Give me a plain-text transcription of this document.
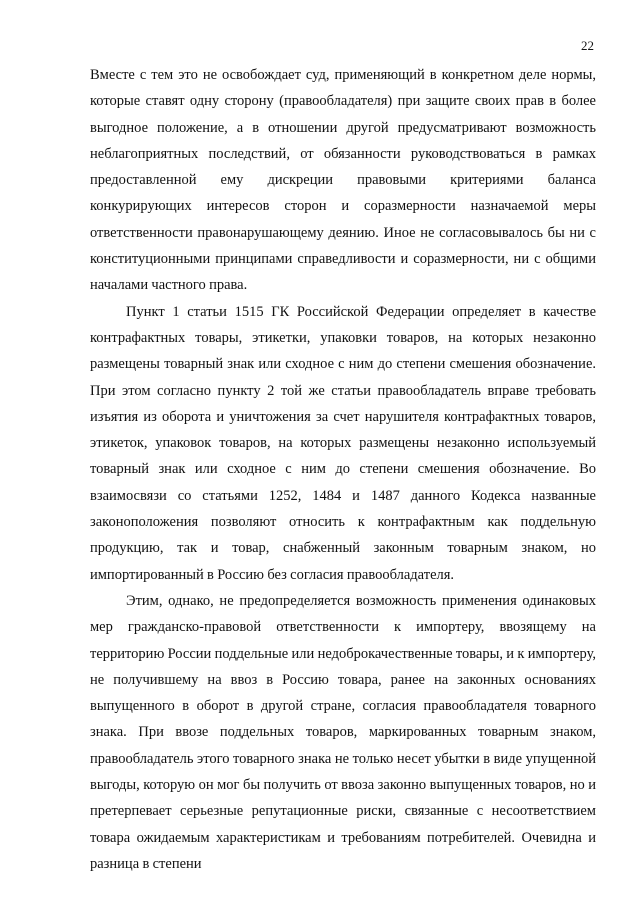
22

Вместе с тем это не освобождает суд, применяющий в конкретном деле нормы, которые ставят одну сторону (правообладателя) при защите своих прав в более выгодное положение, а в отношении другой предусматривают возможность неблагоприятных последствий, от обязанности руководствоваться в рамках предоставленной ему дискреции правовыми критериями баланса конкурирующих интересов сторон и соразмерности назначаемой меры ответственности правонарушающему деянию. Иное не согласовывалось бы ни с конституционными принципами справедливости и соразмерности, ни с общими началами частного права.

Пункт 1 статьи 1515 ГК Российской Федерации определяет в качестве контрафактных товары, этикетки, упаковки товаров, на которых незаконно размещены товарный знак или сходное с ним до степени смешения обозначение. При этом согласно пункту 2 той же статьи правообладатель вправе требовать изъятия из оборота и уничтожения за счет нарушителя контрафактных товаров, этикеток, упаковок товаров, на которых размещены незаконно используемый товарный знак или сходное с ним до степени смешения обозначение. Во взаимосвязи со статьями 1252, 1484 и 1487 данного Кодекса названные законоположения позволяют относить к контрафактным как поддельную продукцию, так и товар, снабженный законным товарным знаком, но импортированный в Россию без согласия правообладателя.

Этим, однако, не предопределяется возможность применения одинаковых мер гражданско-правовой ответственности к импортеру, ввозящему на территорию России поддельные или недоброкачественные товары, и к импортеру, не получившему на ввоз в Россию товара, ранее на законных основаниях выпущенного в оборот в другой стране, согласия правообладателя товарного знака. При ввозе поддельных товаров, маркированных товарным знаком, правообладатель этого товарного знака не только несет убытки в виде упущенной выгоды, которую он мог бы получить от ввоза законно выпущенных товаров, но и претерпевает серьезные репутационные риски, связанные с несоответствием товара ожидаемым характеристикам и требованиям потребителей. Очевидна и разница в степени
